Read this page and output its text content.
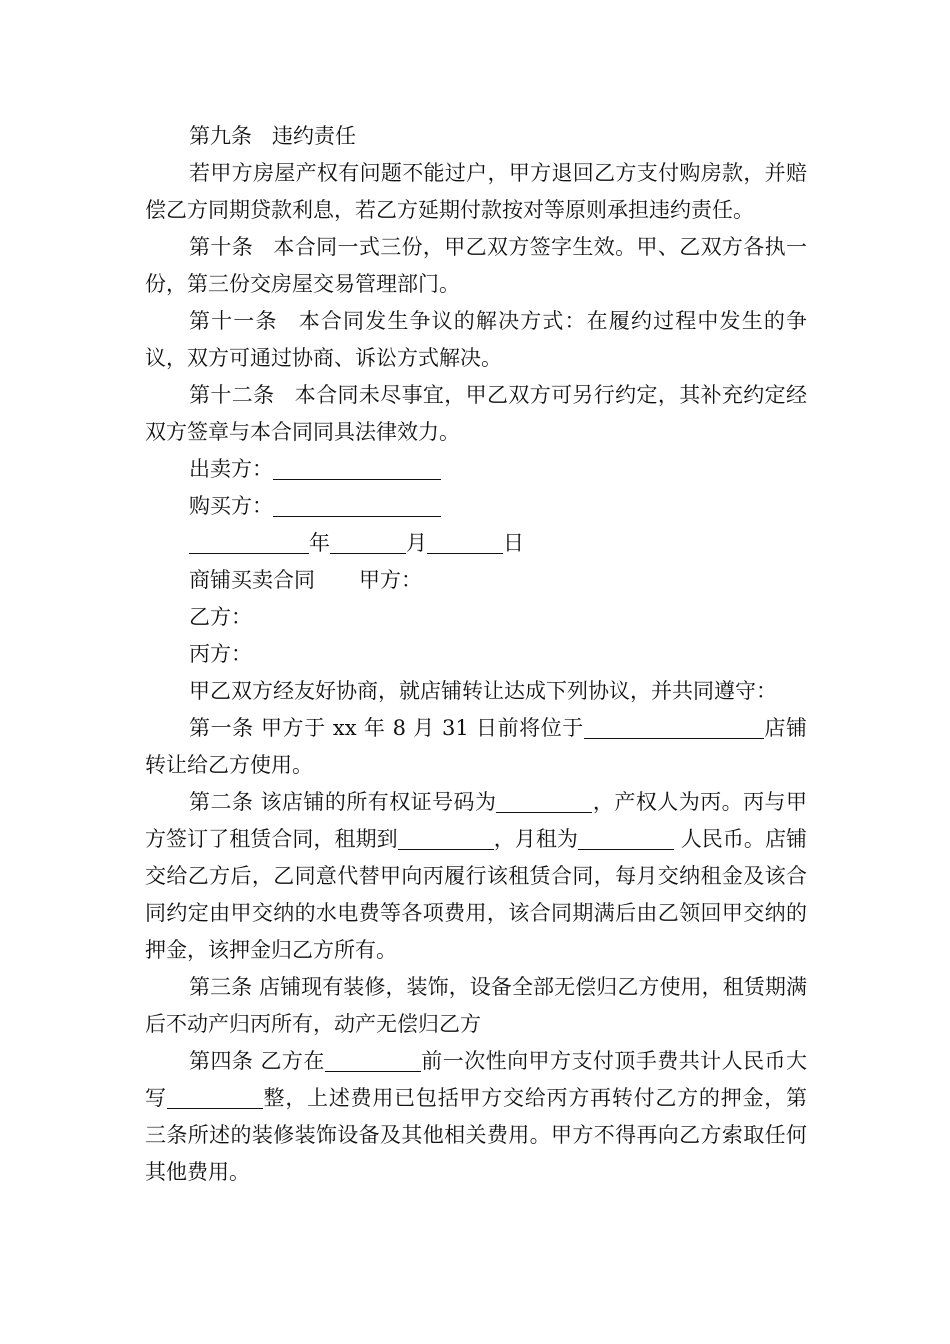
第九条 违约责任

若甲方房屋产权有问题不能过户，甲方退回乙方支付购房款，并赔偿乙方同期贷款利息，若乙方延期付款按对等原则承担违约责任。

第十条 本合同一式三份，甲乙双方签字生效。甲、乙双方各执一份，第三份交房屋交易管理部门。

第十一条 本合同发生争议的解决方式：在履约过程中发生的争议，双方可通过协商、诉讼方式解决。

第十二条 本合同未尽事宜，甲乙双方可另行约定，其补充约定经双方签章与本合同同具法律效力。

出卖方：

购买方：

年	月	日

商铺买卖合同 甲方：

乙方：

丙方：

甲乙双方经友好协商，就店铺转让达成下列协议，并共同遵守：

第一条 甲方于 xx 年 8 月 31 日前将位于	店铺转让给乙方使用。

第二条 该店铺的所有权证号码为	，产权人为丙。丙与甲方签订了租赁合同，租期到	，月租为	人民币。店铺交给乙方后，乙同意代替甲向丙履行该租赁合同，每月交纳租金及该合同约定由甲交纳的水电费等各项费用，该合同期满后由乙领回甲交纳的押金，该押金归乙方所有。

第三条 店铺现有装修，装饰，设备全部无偿归乙方使用，租赁期满后不动产归丙所有，动产无偿归乙方

第四条 乙方在	前一次性向甲方支付顶手费共计人民币大写	整，上述费用已包括甲方交给丙方再转付乙方的押金，第三条所述的装修装饰设备及其他相关费用。甲方不得再向乙方索取任何其他费用。
